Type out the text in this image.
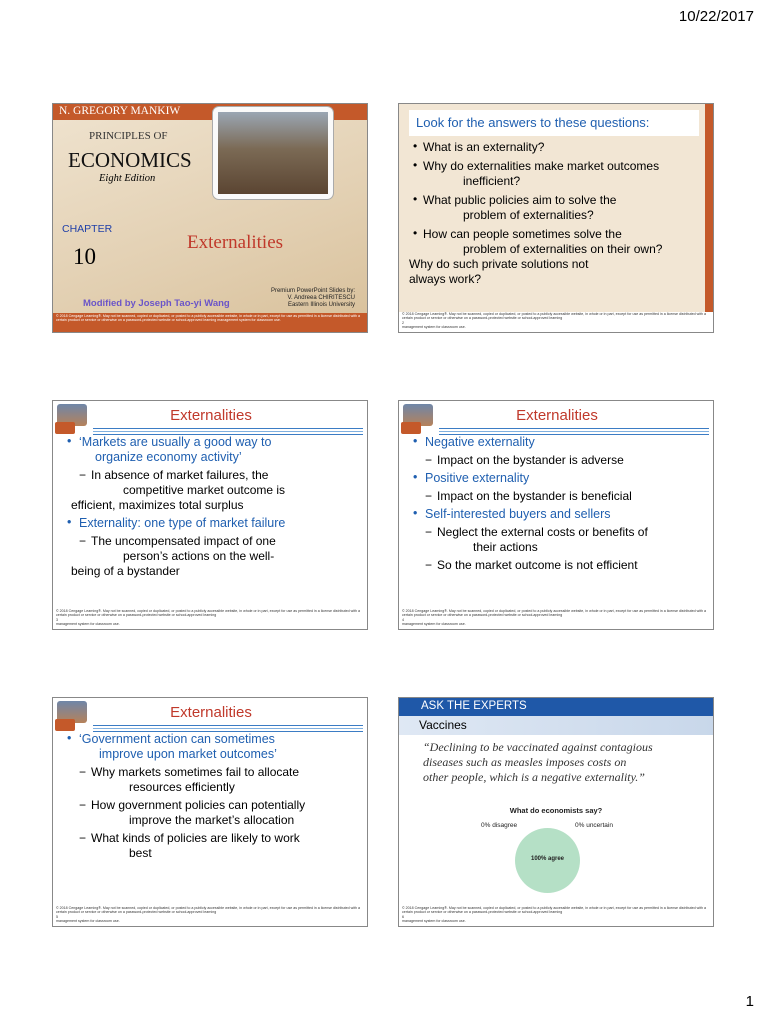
10/22/2017
N. GREGORY MANKIW
PRINCIPLES OF
ECONOMICS
Eight Edition
CHAPTER
10
Externalities
Premium PowerPoint Slides by:
V. Andreea CHIRITESCU
Eastern Illinois University
Modified by Joseph Tao-yi Wang
© 2018 Cengage Learning®. May not be scanned, copied or duplicated, or posted to a publicly accessible website, in whole or in part, except for use as permitted in a license distributed with a certain product or service or otherwise on a password-protected website or school-approved learning management system for classroom use.
Look for the answers to these questions:
• What is an externality?
• Why do externalities make market outcomes
inefficient?
• What public policies aim to solve the
problem of externalities?
• How can people sometimes solve the
problem of externalities on their own?
Why do such private solutions not
always work?
© 2018 Cengage Learning®. May not be scanned, copied or duplicated, or posted to a publicly accessible website, in whole or in part, except for use as permitted in a license distributed with a certain product or service or otherwise on a password-protected website or school-approved learning
2
management system for classroom use.
Externalities
• ‘Markets are usually a good way to
organize economy activity’
− In absence of market failures, the
competitive market outcome is
efficient, maximizes total surplus
• Externality: one type of market failure
− The uncompensated impact of one
person’s actions on the well-
being of a bystander
© 2018 Cengage Learning®. May not be scanned, copied or duplicated, or posted to a publicly accessible website, in whole or in part, except for use as permitted in a license distributed with a certain product or service or otherwise on a password-protected website or school-approved learning
3
management system for classroom use.
Externalities
• Negative externality
− Impact on the bystander is adverse
• Positive externality
− Impact on the bystander is beneficial
• Self-interested buyers and sellers
− Neglect the external costs or benefits of
their actions
− So the market outcome is not efficient
© 2018 Cengage Learning®. May not be scanned, copied or duplicated, or posted to a publicly accessible website, in whole or in part, except for use as permitted in a license distributed with a certain product or service or otherwise on a password-protected website or school-approved learning
4
management system for classroom use.
Externalities
• ‘Government action can sometimes
improve upon market outcomes’
− Why markets sometimes fail to allocate
resources efficiently
− How government policies can potentially
improve the market’s allocation
− What kinds of policies are likely to work
best
© 2018 Cengage Learning®. May not be scanned, copied or duplicated, or posted to a publicly accessible website, in whole or in part, except for use as permitted in a license distributed with a certain product or service or otherwise on a password-protected website or school-approved learning
5
management system for classroom use.
ASK THE EXPERTS
Vaccines
“Declining to be vaccinated against contagious
diseases such as measles imposes costs on
other people, which is a negative externality.”
What do economists say?
0% disagree	0% uncertain
100% agree
© 2018 Cengage Learning®. May not be scanned, copied or duplicated, or posted to a publicly accessible website, in whole or in part, except for use as permitted in a license distributed with a certain product or service or otherwise on a password-protected website or school-approved learning
6
management system for classroom use.
1
